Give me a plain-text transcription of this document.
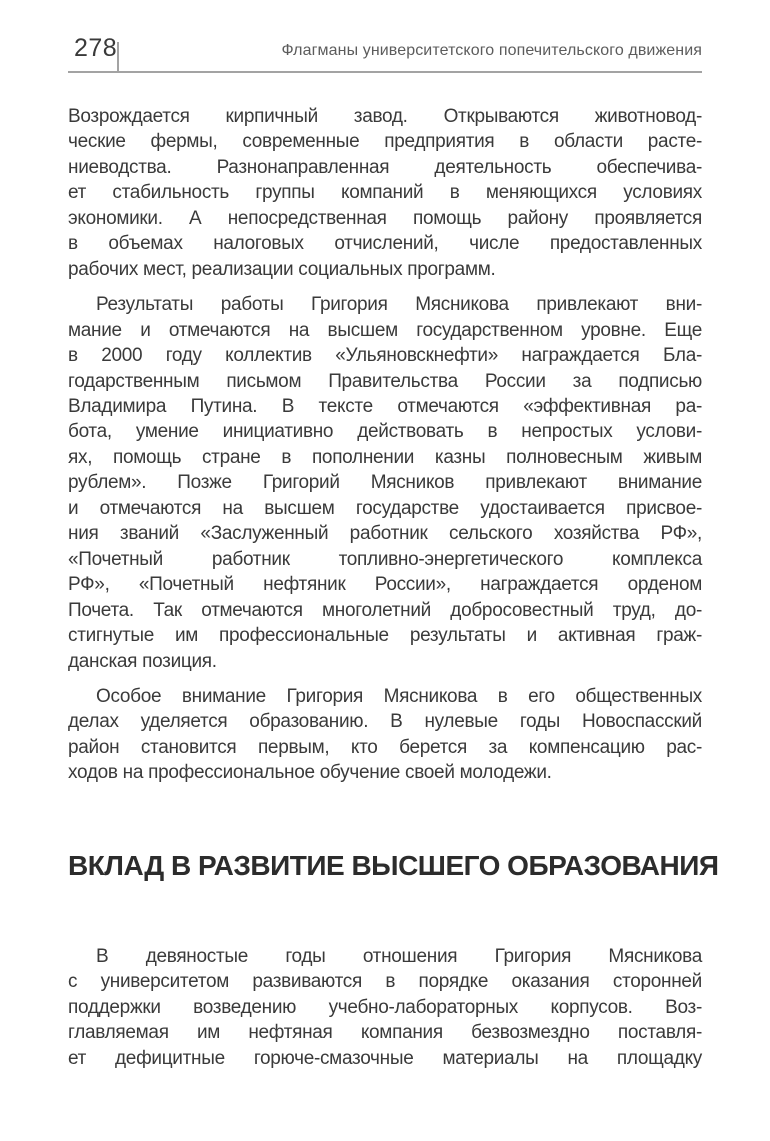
278	Флагманы университетского попечительского движения

Возрождается кирпичный завод. Открываются животновод-
ческие фермы, современные предприятия в области расте-
ниеводства. Разнонаправленная деятельность обеспечива-
ет стабильность группы компаний в меняющихся условиях
экономики. А непосредственная помощь району проявляется
в объемах налоговых отчислений, числе предоставленных
рабочих мест, реализации социальных программ.

Результаты работы Григория Мясникова привлекают вни-
мание и отмечаются на высшем государственном уровне. Еще
в 2000 году коллектив «Ульяновскнефти» награждается Бла-
годарственным письмом Правительства России за подписью
Владимира Путина. В тексте отмечаются «эффективная ра-
бота, умение инициативно действовать в непростых услови-
ях, помощь стране в пополнении казны полновесным живым
рублем». Позже Григорий Мясников привлекают внимание
и отмечаются на высшем государстве удостаивается присвое-
ния званий «Заслуженный работник сельского хозяйства РФ»,
«Почетный работник топливно-энергетического комплекса
РФ», «Почетный нефтяник России», награждается орденом
Почета. Так отмечаются многолетний добросовестный труд, до-
стигнутые им профессиональные результаты и активная граж-
данская позиция.

Особое внимание Григория Мясникова в его общественных
делах уделяется образованию. В нулевые годы Новоспасский
район становится первым, кто берется за компенсацию рас-
ходов на профессиональное обучение своей молодежи.

ВКЛАД В РАЗВИТИЕ ВЫСШЕГО ОБРАЗОВАНИЯ

В девяностые годы отношения Григория Мясникова
с университетом развиваются в порядке оказания сторонней
поддержки возведению учебно-лабораторных корпусов. Воз-
главляемая им нефтяная компания безвозмездно поставля-
ет дефицитные горюче-смазочные материалы на площадку
